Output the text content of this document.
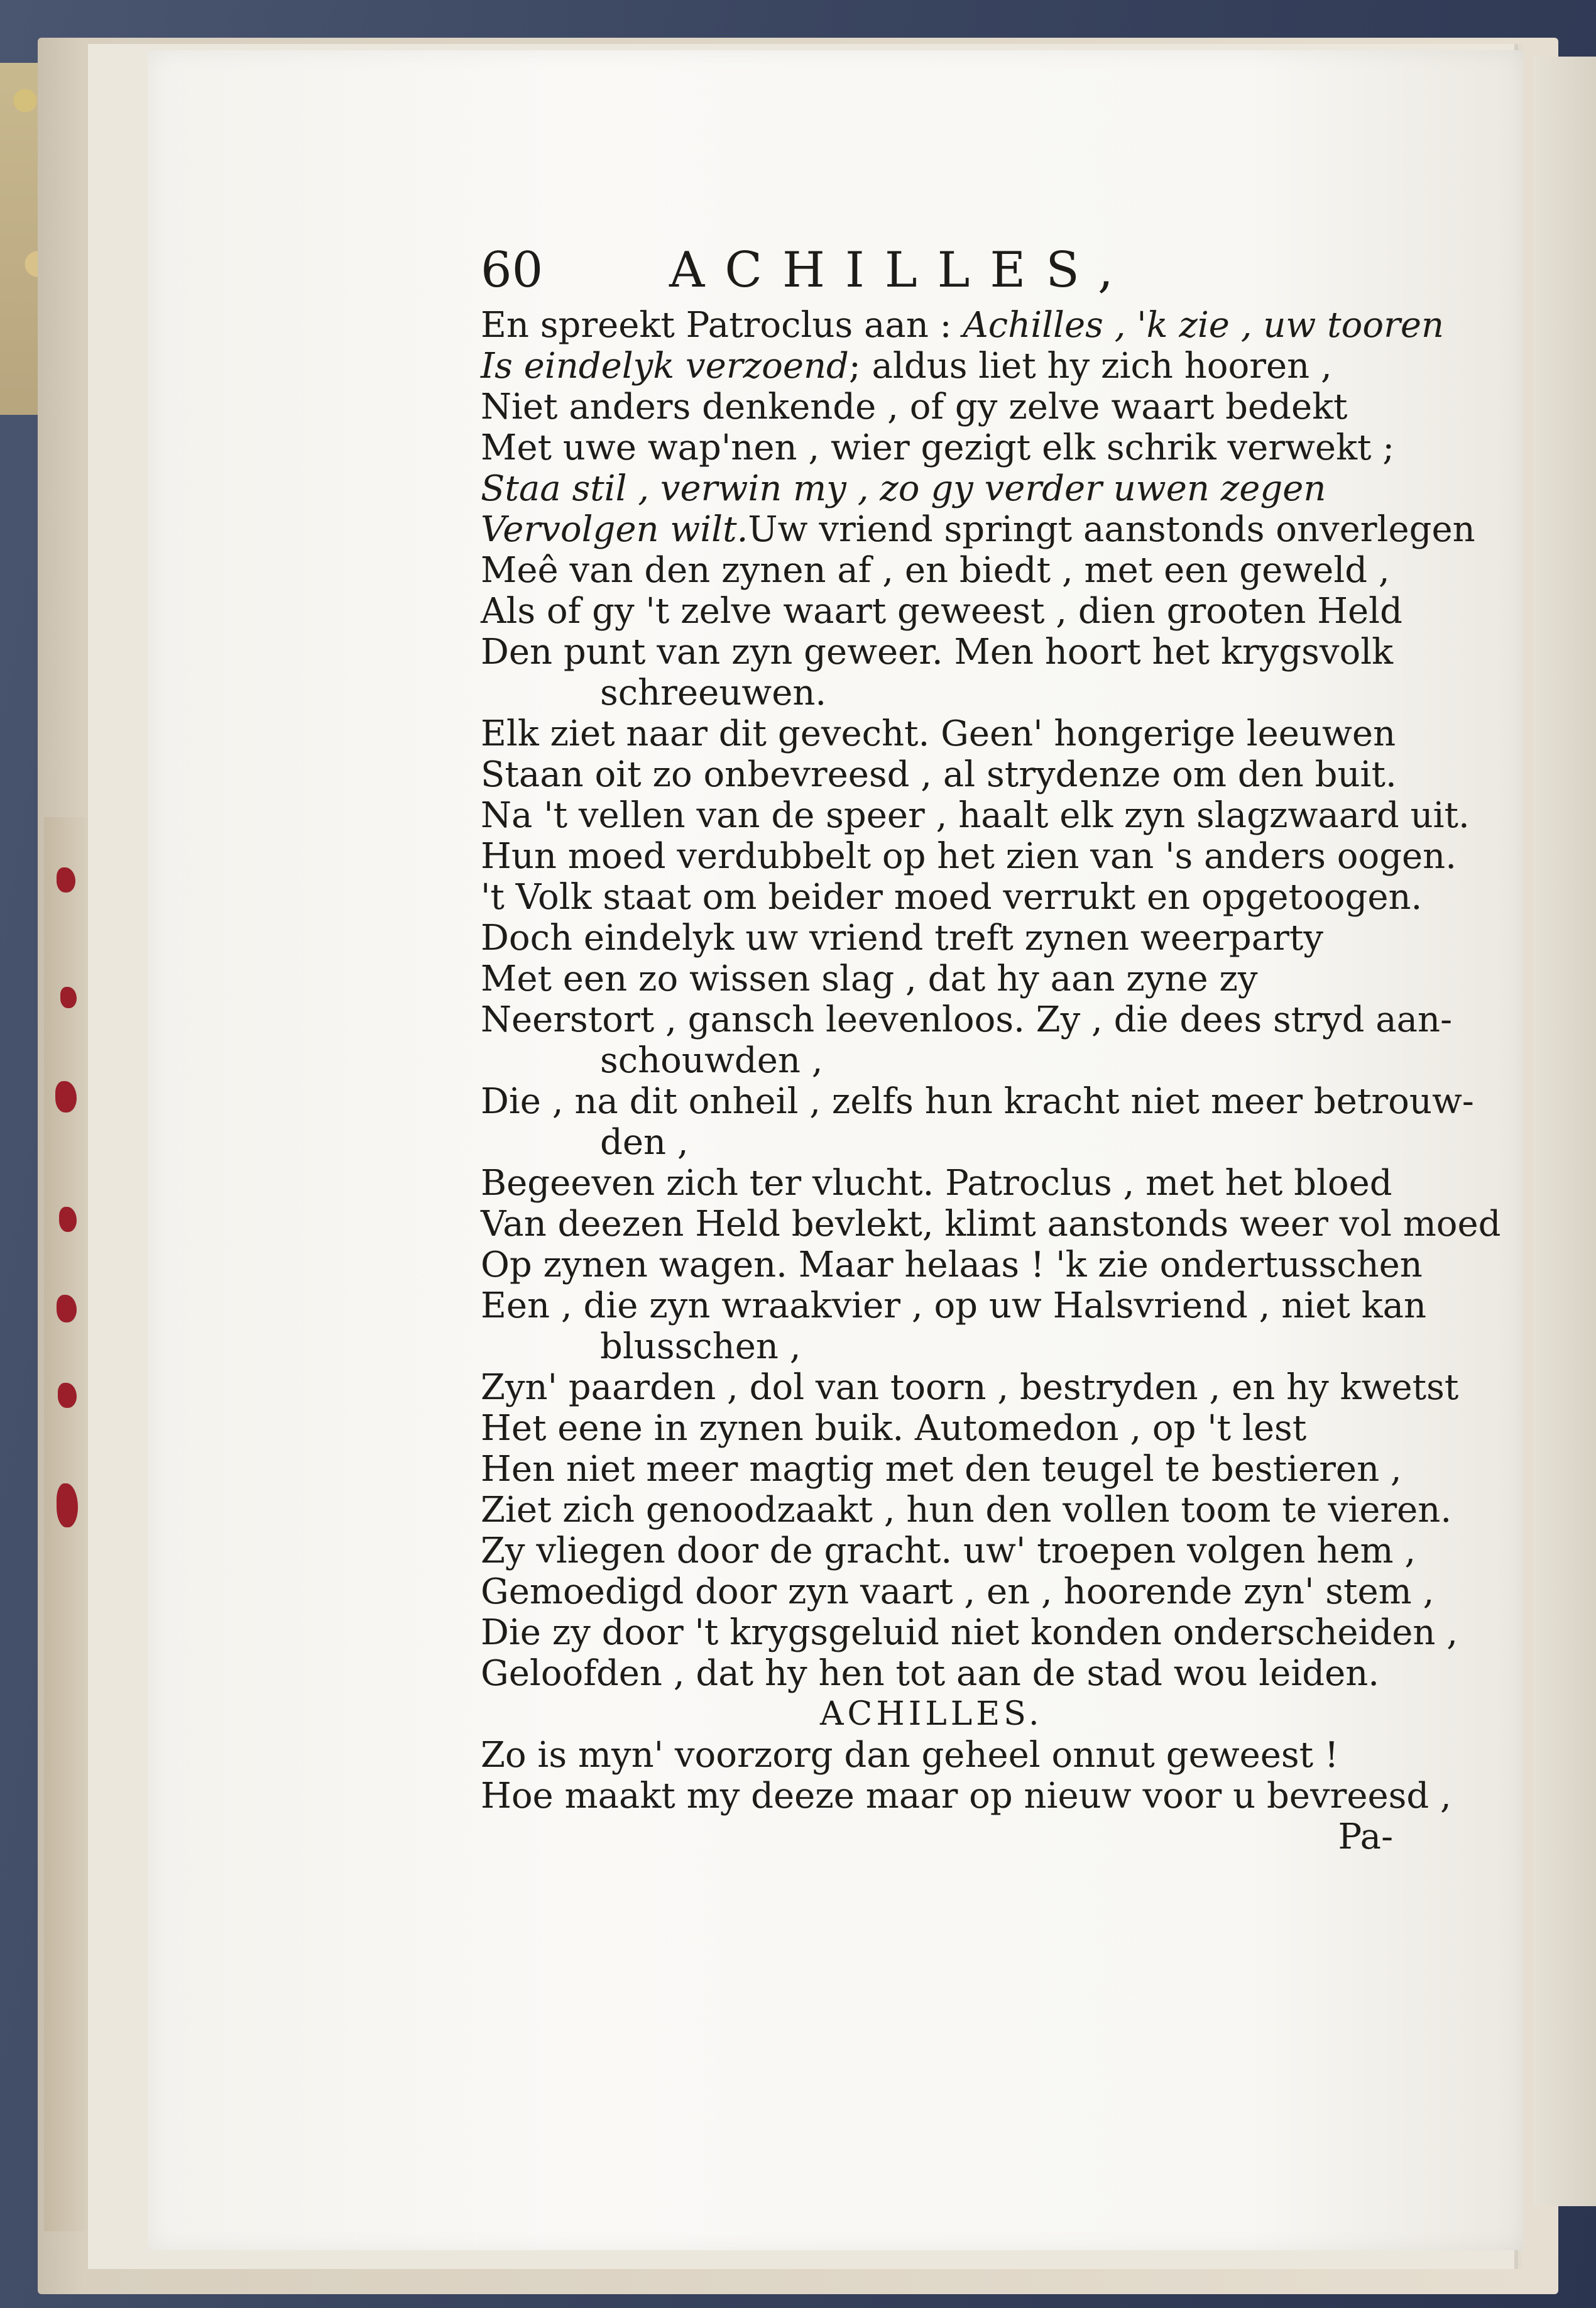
60	ACHILLES,
En spreekt Patroclus aan : Achilles , 'k zie , uw tooren
Is eindelyk verzoend; aldus liet hy zich hooren ,
Niet anders denkende , of gy zelve waart bedekt
Met uwe wap'nen , wier gezigt elk schrik verwekt ;
Staa stil , verwin my , zo gy verder uwen zegen
Vervolgen wilt.Uw vriend springt aanstonds onverlegen
Meê van den zynen af , en biedt , met een geweld ,
Als of gy 't zelve waart geweest , dien grooten Held
Den punt van zyn geweer. Men hoort het krygsvolk
schreeuwen.
Elk ziet naar dit gevecht. Geen' hongerige leeuwen
Staan oit zo onbevreesd , al strydenze om den buit.
Na 't vellen van de speer , haalt elk zyn slagzwaard uit.
Hun moed verdubbelt op het zien van 's anders oogen.
't Volk staat om beider moed verrukt en opgetoogen.
Doch eindelyk uw vriend treft zynen weerparty
Met een zo wissen slag , dat hy aan zyne zy
Neerstort , gansch leevenloos. Zy , die dees stryd aan-
schouwden ,
Die , na dit onheil , zelfs hun kracht niet meer betrouw-
den ,
Begeeven zich ter vlucht. Patroclus , met het bloed
Van deezen Held bevlekt, klimt aanstonds weer vol moed
Op zynen wagen. Maar helaas ! 'k zie ondertusschen
Een , die zyn wraakvier , op uw Halsvriend , niet kan
blusschen ,
Zyn' paarden , dol van toorn , bestryden , en hy kwetst
Het eene in zynen buik. Automedon , op 't lest
Hen niet meer magtig met den teugel te bestieren ,
Ziet zich genoodzaakt , hun den vollen toom te vieren.
Zy vliegen door de gracht. uw' troepen volgen hem ,
Gemoedigd door zyn vaart , en , hoorende zyn' stem ,
Die zy door 't krygsgeluid niet konden onderscheiden ,
Geloofden , dat hy hen tot aan de stad wou leiden.
ACHILLES.
Zo is myn' voorzorg dan geheel onnut geweest !
Hoe maakt my deeze maar op nieuw voor u bevreesd ,
Pa-
